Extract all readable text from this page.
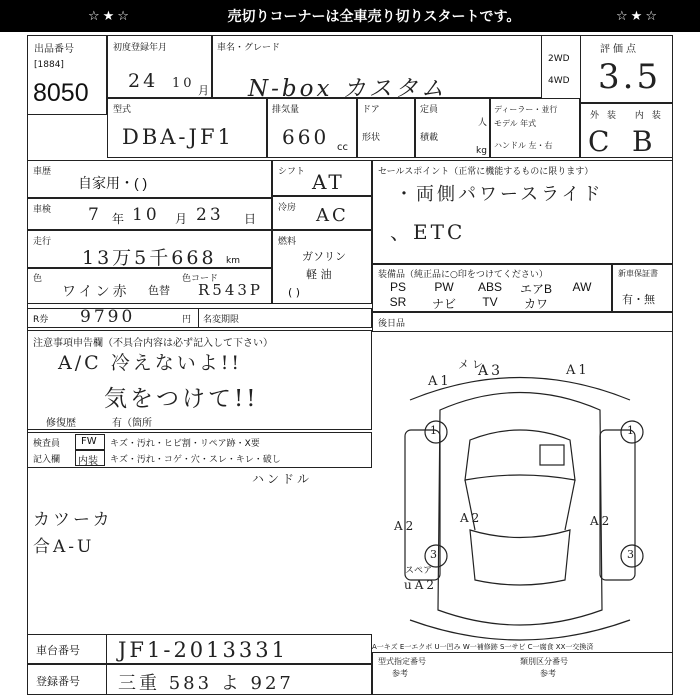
☆★☆	売切りコーナーは全車売り切りスタートです。	☆★☆
出品番号
[1884]
8050
初度登録年月
24 10 月
車名・グレード
N-box カスタム
2WD
4WD
評価点
3.5
型式
DBA-JF1
排気量
660 cc
ドア
形状
定員
人
積載
kg
ディーラー・並行
モデル 年式
ハンドル 左・右
外装 内装
C B
車歴
自家用・( )
車検 7 年 10 月 23 日
走行
13万5千668 km
色
ワイン赤 色替
色コード
R543P
シフト AT
冷房 AC
燃料
ガソリン
軽 油
( )
R券 9790	円 名変期限
セールスポイント（正常に機能するものに限ります）
・両側パワースライド
、ETC
装備品（純正品に○印をつけてください）	新車保証書
有・無
PS	PW	ABS	エアB	AW
SR	ナビ	TV	カワ
後日品
注意事項申告欄（不具合内容は必ず記入して下さい）
A/C 冷えないよ!!
気をつけて!!
修復歴	有（箇所
検査員
記入欄
FW キズ・汚れ・ヒビ割・リペア跡・X要
内装 キズ・汚れ・コゲ・穴・スレ・キレ・破し
ハンドル
カツーカ
合A-U
A1
メレ
A3	A1
1	1
A2
A2	A2
3	3
uA2
スペア
A一キズ E一エクボ U一凹み W一補修跡 S一サビ C一腐食 XX一交換済
車台番号 JF1-2013331
登録番号 三重 583 よ 927
型式指定番号	類別区分番号
参考	参考
